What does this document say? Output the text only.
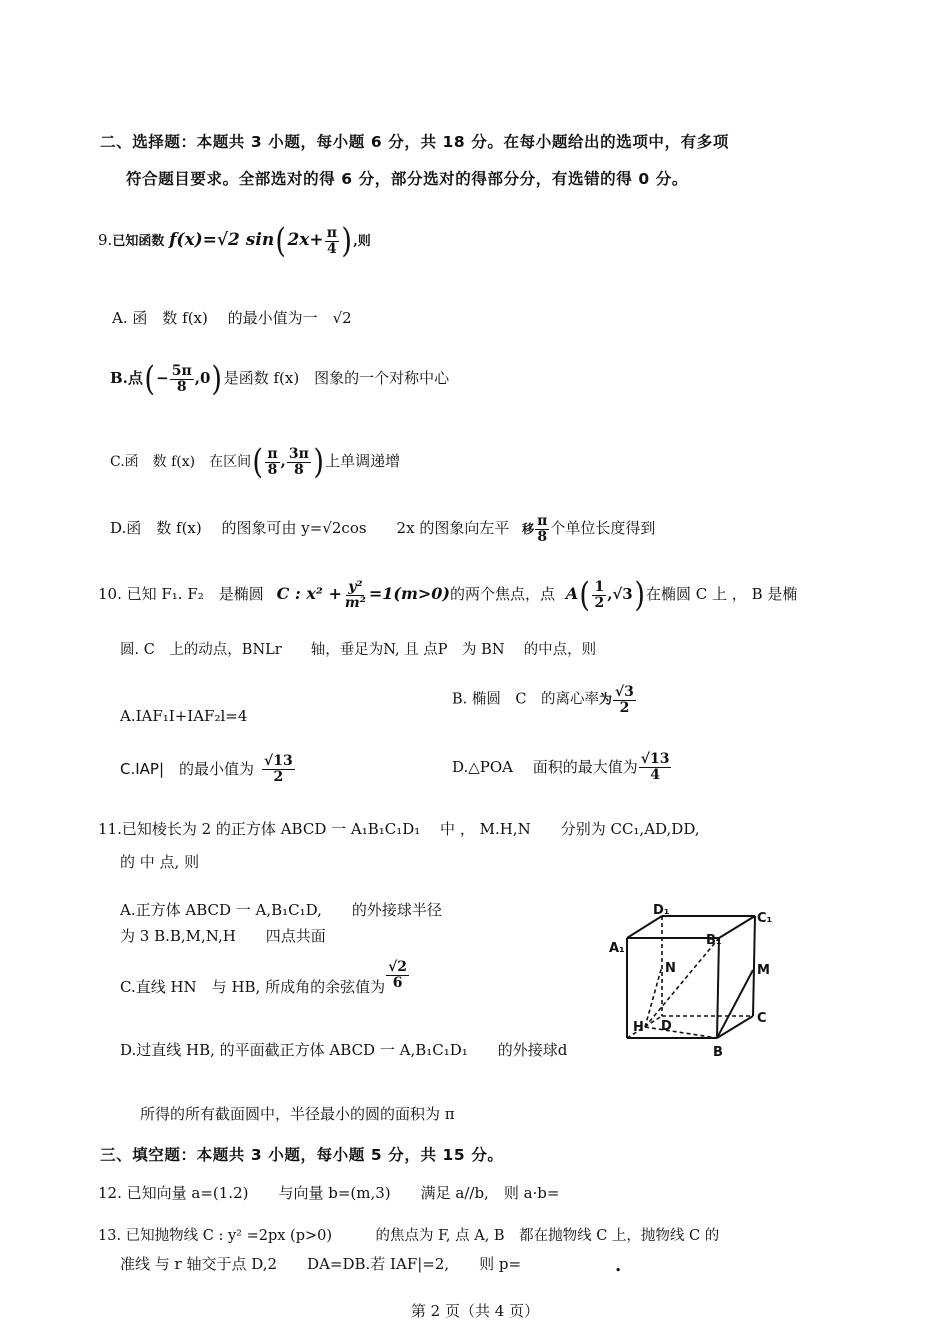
二、选择题：本题共 3 小题，每小题 6 分，共 18 分。在每小题给出的选项中，有多项
符合题目要求。全部选对的得 6 分，部分选对的得部分分，有选错的得 0 分。
9.已知函数 f(x)=√2 $\sin(2x+ \frac{\pi}{4}$ ),则
A. 函　数 f(x)　 的最小值为一　√2
B.点(− $\frac{5\pi}{8} ,0$)是函数 f(x)　图象的一个对称中心
C.函　数 f(x)　在区间( $\frac{\pi}{8}$ , $\frac{3\pi}{8}$ )上单调递增
D.函　数 f(x)　 的图象可由 y=√2cos　　2x 的图象向左平 移 $\frac{\pi}{8}$ 个单位长度得到
10. 已知 F₁. F₂　是椭圆 C : $x^2 + \frac{\text{y²}}{\text{m²}} =1(m>0)$的两个焦点，点 $A( \frac{1}{2} ,√3)$在椭圆 C 上 ， B 是椭
圆. C　上的动点，BNLr　　轴，垂足为N, 且 点P　为 BN　 的中点，则
A.IAF₁I+IAF₂l=4
B. 椭圆　C　的离心率为 $\frac{√3}{2}$
C.IAP|　的最小值为 $\frac{√13}{2}$	D.△POA　 面积的最大值为 $\frac{√13}{4}$
11.已知棱长为 2 的正方体 ABCD 一 A₁B₁C₁D₁　 中 ， M.H,N　　分别为 CC₁,AD,DD,
的 中 点, 则
A.正方体 ABCD 一 A,B₁C₁D,　　的外接球半径
为 3 B.B,M,N,H　　四点共面
C.直线 HN　与 HB, 所成角的余弦值为 $\frac{√2}{6}$
D.过直线 HB, 的平面截正方体 ABCD 一 A,B₁C₁D₁　　的外接球d
所得的所有截面圆中，半径最小的圆的面积为 π
D₁
C₁
A₁
B₁
N	M
C
H D
B
三、填空题：本题共 3 小题，每小题 5 分，共 15 分。
12. 已知向量 a=(1.2)　　与向量 b=(m,3)　　满足 a//b,　则 a·b=
13. 已知抛物线 C : y² =2px (p>0)　　　的焦点为 F, 点 A, B　都在抛物线 C 上，抛物线 C 的
准线 与 r 轴交于点 D,2　　DA=DB.若 IAF|=2,　　则 p=	.
第 2 页（共 4 页）
